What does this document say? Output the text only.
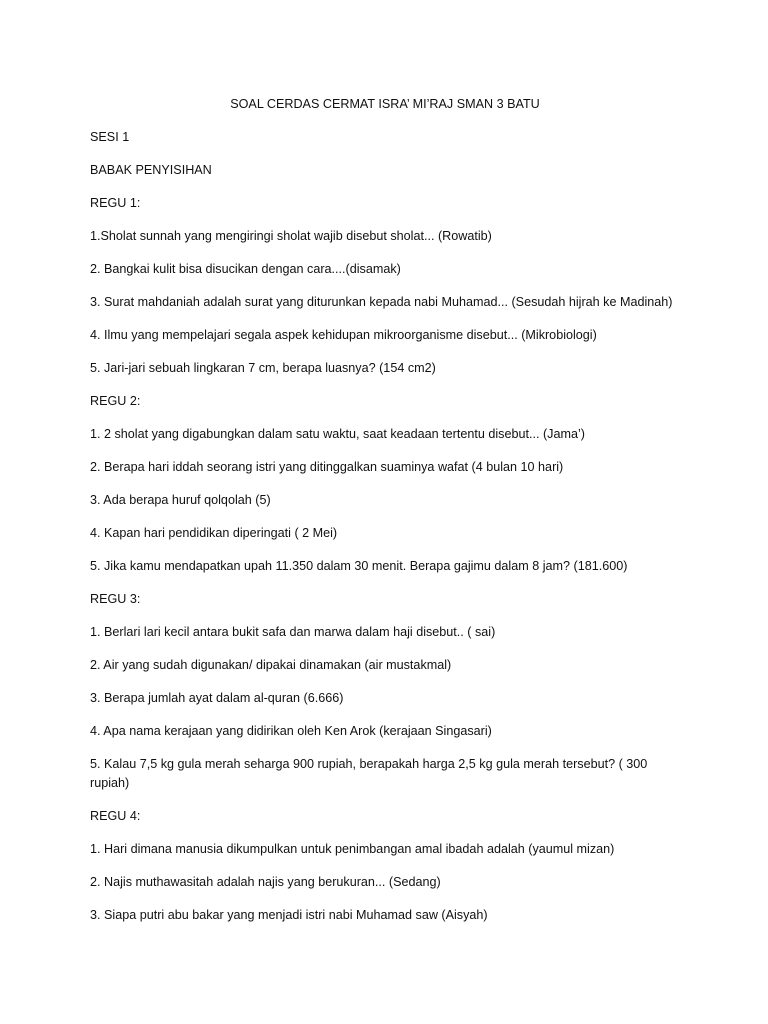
SOAL CERDAS CERMAT ISRA’ MI’RAJ SMAN 3 BATU

SESI 1

BABAK PENYISIHAN

REGU 1:

1.Sholat sunnah yang mengiringi sholat wajib disebut sholat... (Rowatib)

2. Bangkai kulit bisa disucikan dengan cara....(disamak)

3. Surat mahdaniah adalah surat yang diturunkan kepada nabi Muhamad... (Sesudah hijrah ke Madinah)

4. Ilmu yang mempelajari segala aspek kehidupan mikroorganisme disebut... (Mikrobiologi)

5. Jari-jari sebuah lingkaran 7 cm, berapa luasnya? (154 cm2)

REGU 2:

1. 2 sholat yang digabungkan dalam satu waktu, saat keadaan tertentu disebut... (Jama’)

2. Berapa hari iddah seorang istri yang ditinggalkan suaminya wafat (4 bulan 10 hari)

3. Ada berapa huruf qolqolah (5)

4. Kapan hari pendidikan diperingati ( 2 Mei)

5. Jika kamu mendapatkan upah 11.350 dalam 30 menit. Berapa gajimu dalam 8 jam? (181.600)

REGU 3:

1. Berlari lari kecil antara bukit safa dan marwa dalam haji disebut.. ( sai)

2. Air yang sudah digunakan/ dipakai dinamakan (air mustakmal)

3. Berapa jumlah ayat dalam al-quran (6.666)

4. Apa nama kerajaan yang didirikan oleh Ken Arok (kerajaan Singasari)

5. Kalau 7,5 kg gula merah seharga 900 rupiah, berapakah harga 2,5 kg gula merah tersebut? ( 300 rupiah)

REGU 4:

1. Hari dimana manusia dikumpulkan untuk penimbangan amal ibadah adalah (yaumul mizan)

2. Najis muthawasitah adalah najis yang berukuran... (Sedang)

3. Siapa putri abu bakar yang menjadi istri nabi Muhamad saw (Aisyah)
